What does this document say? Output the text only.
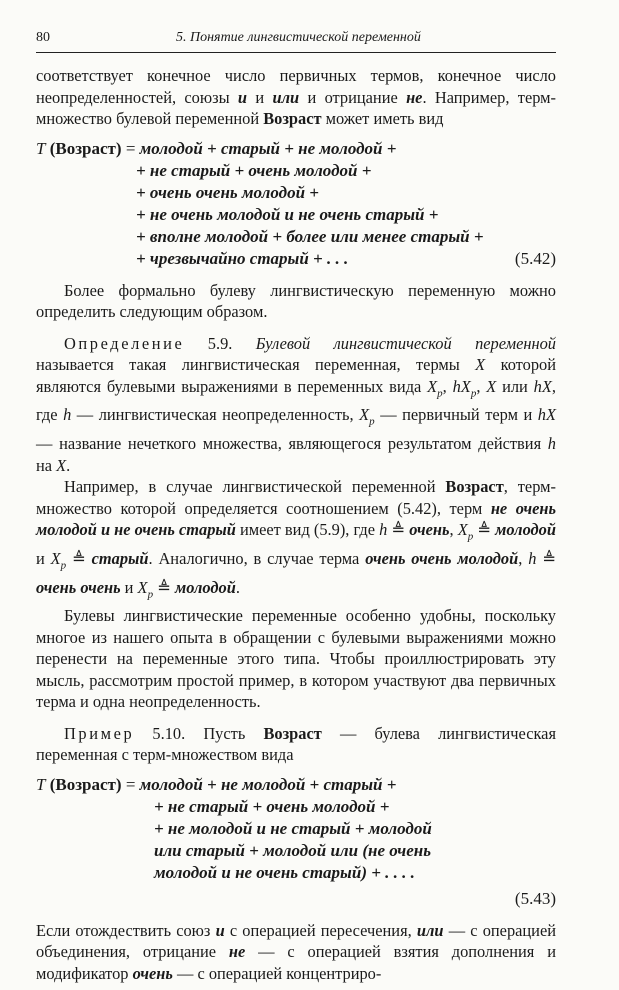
80	5. Понятие лингвистической переменной

соответствует конечное число первичных термов, конечное число неопределенностей, союзы и и или и отрицание не. Например, терм-множество булевой переменной Возраст может иметь вид

T (Возраст) = молодой + старый + не молодой +
+ не старый + очень молодой +
+ очень очень молодой +
+ не очень молодой и не очень старый +
+ вполне молодой + более или менее старый +
+ чрезвычайно старый + . . .	(5.42)

Более формально булеву лингвистическую переменную можно определить следующим образом.

Определение 5.9. Булевой лингвистической переменной называется такая лингвистическая переменная, термы X которой являются булевыми выражениями в переменных вида $X_p$, $hX_p$, X или hX, где h — лингвистическая неопределенность, $X_p$ — первичный терм и hX — название нечеткого множества, являющегося результатом действия h на X.

Например, в случае лингвистической переменной Возраст, терм-множество которой определяется соотношением (5.42), терм не очень молодой и не очень старый имеет вид (5.9), где h ≜ очень, $X_p$ ≜ молодой и $X_p$ ≜ старый. Аналогично, в случае терма очень очень молодой, h ≜ очень очень и $X_p$ ≜ молодой.

Булевы лингвистические переменные особенно удобны, поскольку многое из нашего опыта в обращении с булевыми выражениями можно перенести на переменные этого типа. Чтобы проиллюстрировать эту мысль, рассмотрим простой пример, в котором участвуют два первичных терма и одна неопределенность.

Пример 5.10. Пусть Возраст — булева лингвистическая переменная с терм-множеством вида

T (Возраст) = молодой + не молодой + старый +
+ не старый + очень молодой +
+ не молодой и не старый + молодой
или старый + молодой или (не очень
молодой и не очень старый) + . . . .
(5.43)

Если отождествить союз и с операцией пересечения, или — с операцией объединения, отрицание не — с операцией взятия дополнения и модификатор очень — с операцией концентриро-
